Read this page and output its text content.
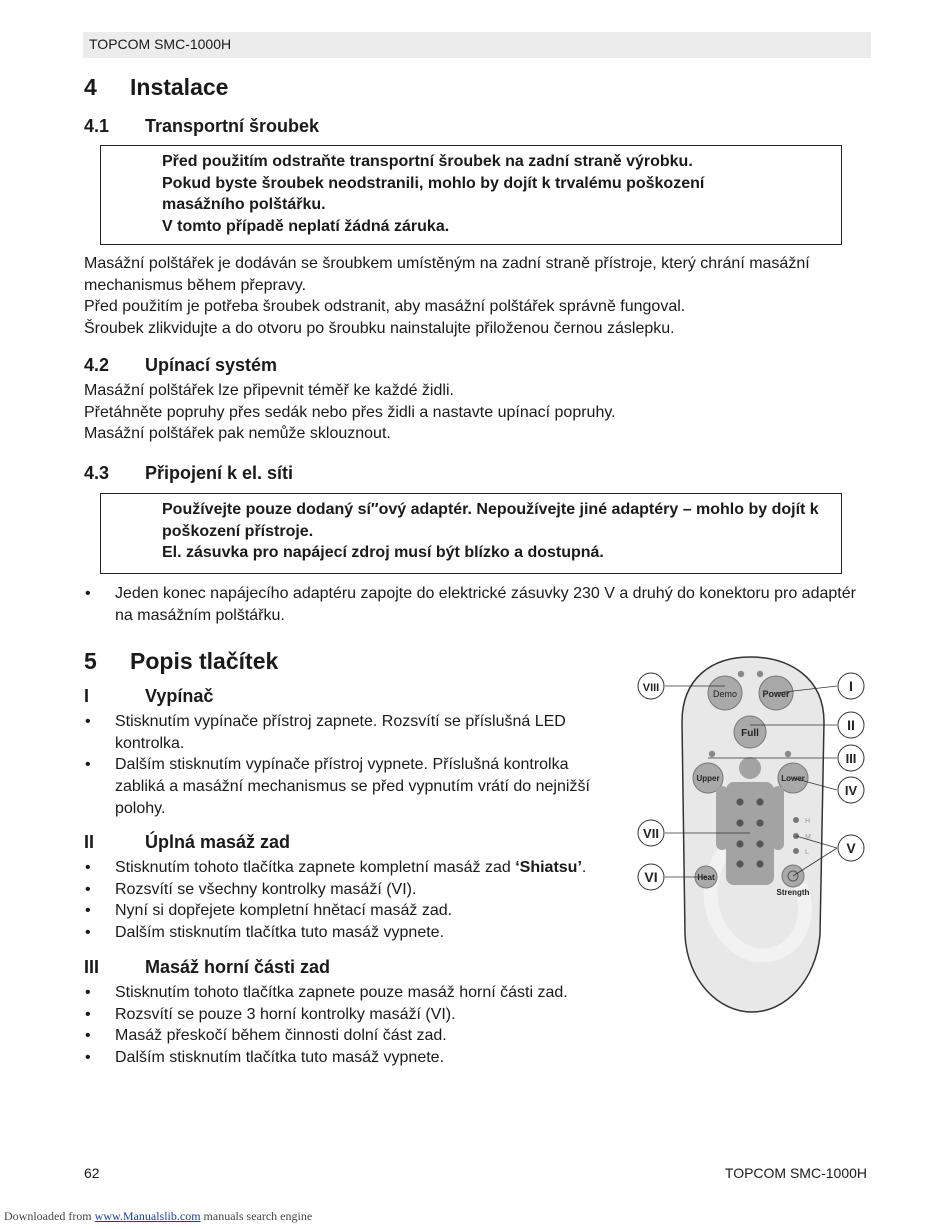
TOPCOM SMC-1000H
4 Instalace
4.1 Transportní šroubek

Před použitím odstraňte transportní šroubek na zadní straně výrobku.

Pokud byste šroubek neodstranili, mohlo by dojít k trvalému poškození masážního polštářku.

V tomto případě neplatí žádná záruka.

Masážní polštářek je dodáván se šroubkem umístěným na zadní straně přístroje, který chrání masážní mechanismus během přepravy.

Před použitím je potřeba šroubek odstranit, aby masážní polštářek správně fungoval.

Šroubek zlikvidujte a do otvoru po šroubku nainstalujte přiloženou černou záslepku.

4.2 Upínací systém

Masážní polštářek lze připevnit téměř ke každé židli.

Přetáhněte popruhy přes sedák nebo přes židli a nastavte upínací popruhy.

Masážní polštářek pak nemůže sklouznout.

4.3 Připojení k el. síti

Používejte pouze dodaný sí″ový adaptér. Nepoužívejte jiné adaptéry – mohlo by dojít k poškození přístroje.

El. zásuvka pro napájecí zdroj musí být blízko a dostupná.

• Jeden konec napájecího adaptéru zapojte do elektrické zásuvky 230 V a druhý do konektoru pro adaptér na masážním polštářku.
5 Popis tlačítek
I	Vypínač
• Stisknutím vypínače přístroj zapnete. Rozsvítí se příslušná LED kontrolka.
• Dalším stisknutím vypínače přístroj vypnete. Příslušná kontrolka zabliká a masážní mechanismus se před vypnutím vrátí do nejnižší polohy.
II	Úplná masáž zad
• Stisknutím tohoto tlačítka zapnete kompletní masáž zad ‘Shiatsu’.
• Rozsvítí se všechny kontrolky masáží (VI).
• Nyní si dopřejete kompletní hnětací masáž zad.
• Dalším stisknutím tlačítka tuto masáž vypnete.
III	Masáž horní části zad
• Stisknutím tohoto tlačítka zapnete pouze masáž horní části zad.
• Rozsvítí se pouze 3 horní kontrolky masáží (VI).
• Masáž přeskočí během činnosti dolní část zad.
• Dalším stisknutím tlačítka tuto masáž vypnete.
Demo	Power
Full
Upper	Lower
H
M
L
Heat
Strength
VIII	I
II
III
IV
V
VII
VI
62	TOPCOM SMC-1000H
Downloaded from www.Manualslib.com manuals search engine
